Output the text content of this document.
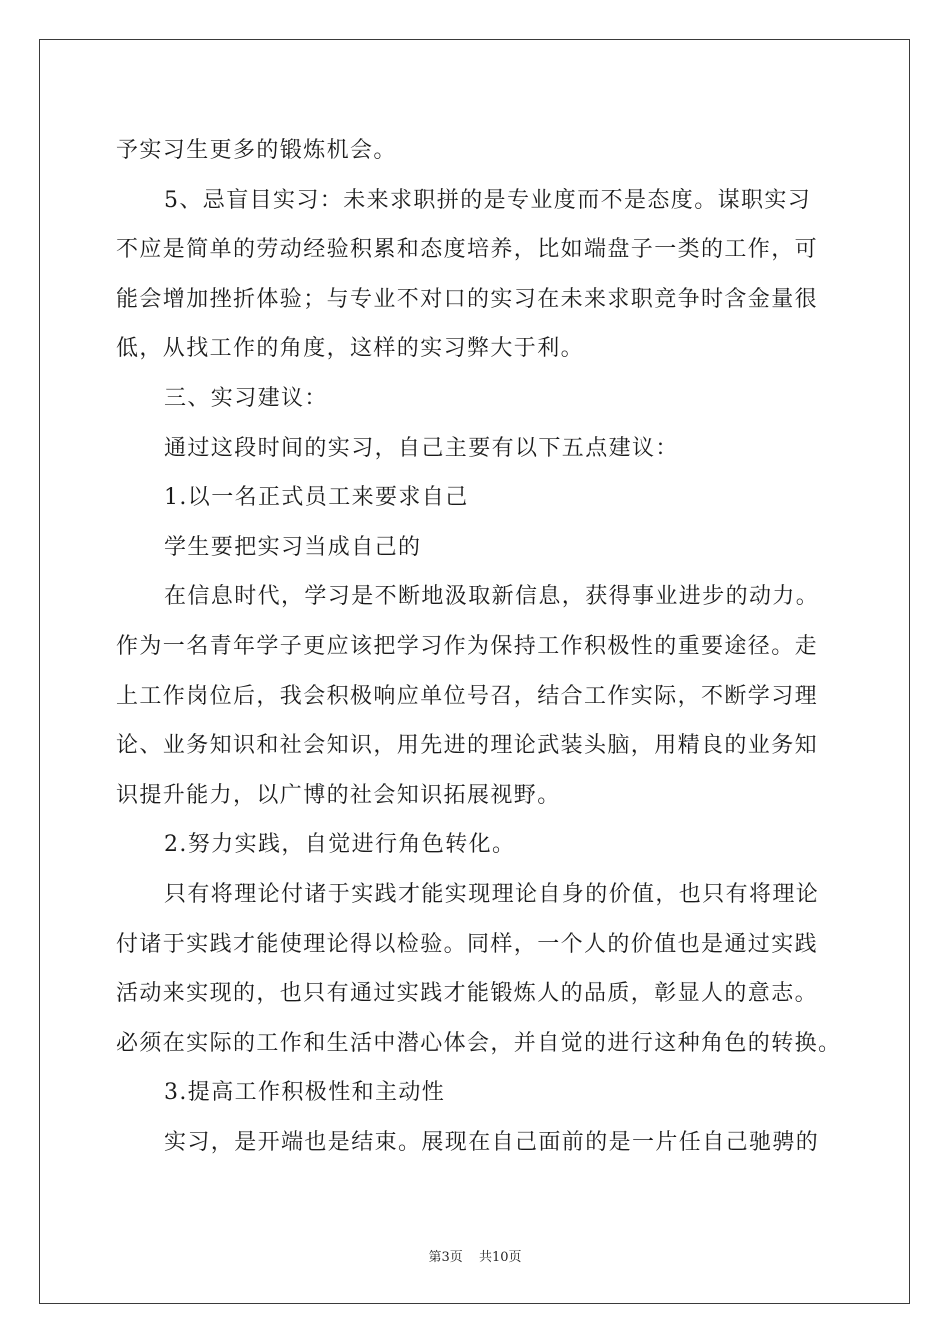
予实习生更多的锻炼机会。
5、忌盲目实习：未来求职拼的是专业度而不是态度。谋职实习
不应是简单的劳动经验积累和态度培养，比如端盘子一类的工作，可
能会增加挫折体验；与专业不对口的实习在未来求职竞争时含金量很
低，从找工作的角度，这样的实习弊大于利。
三、实习建议：
通过这段时间的实习，自己主要有以下五点建议：
1.以一名正式员工来要求自己
学生要把实习当成自己的
在信息时代，学习是不断地汲取新信息，获得事业进步的动力。
作为一名青年学子更应该把学习作为保持工作积极性的重要途径。走
上工作岗位后，我会积极响应单位号召，结合工作实际，不断学习理
论、业务知识和社会知识，用先进的理论武装头脑，用精良的业务知
识提升能力，以广博的社会知识拓展视野。
2.努力实践，自觉进行角色转化。
只有将理论付诸于实践才能实现理论自身的价值，也只有将理论
付诸于实践才能使理论得以检验。同样，一个人的价值也是通过实践
活动来实现的，也只有通过实践才能锻炼人的品质，彰显人的意志。
必须在实际的工作和生活中潜心体会，并自觉的进行这种角色的转换。
3.提高工作积极性和主动性
实习，是开端也是结束。展现在自己面前的是一片任自己驰骋的
第3页 共10页
